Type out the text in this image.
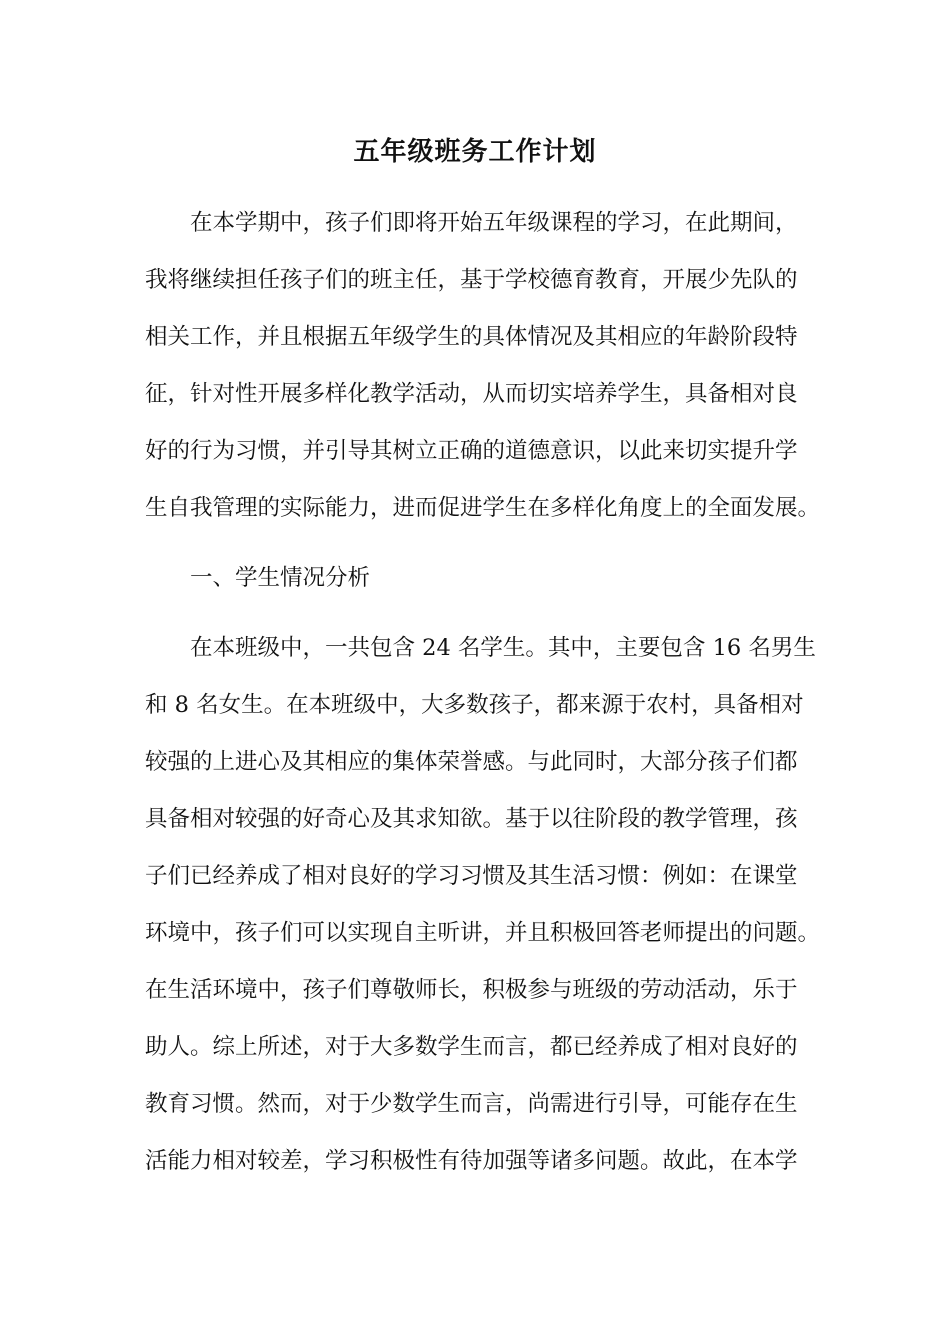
五年级班务工作计划
在本学期中，孩子们即将开始五年级课程的学习，在此期间，
我将继续担任孩子们的班主任，基于学校德育教育，开展少先队的
相关工作，并且根据五年级学生的具体情况及其相应的年龄阶段特
征，针对性开展多样化教学活动，从而切实培养学生，具备相对良
好的行为习惯，并引导其树立正确的道德意识，以此来切实提升学
生自我管理的实际能力，进而促进学生在多样化角度上的全面发展。
一、学生情况分析
在本班级中，一共包含 24 名学生。其中，主要包含 16 名男生
和 8 名女生。在本班级中，大多数孩子，都来源于农村，具备相对
较强的上进心及其相应的集体荣誉感。与此同时，大部分孩子们都
具备相对较强的好奇心及其求知欲。基于以往阶段的教学管理，孩
子们已经养成了相对良好的学习习惯及其生活习惯：例如：在课堂
环境中，孩子们可以实现自主听讲，并且积极回答老师提出的问题。
在生活环境中，孩子们尊敬师长，积极参与班级的劳动活动，乐于
助人。综上所述，对于大多数学生而言，都已经养成了相对良好的
教育习惯。然而，对于少数学生而言，尚需进行引导，可能存在生
活能力相对较差，学习积极性有待加强等诸多问题。故此，在本学
